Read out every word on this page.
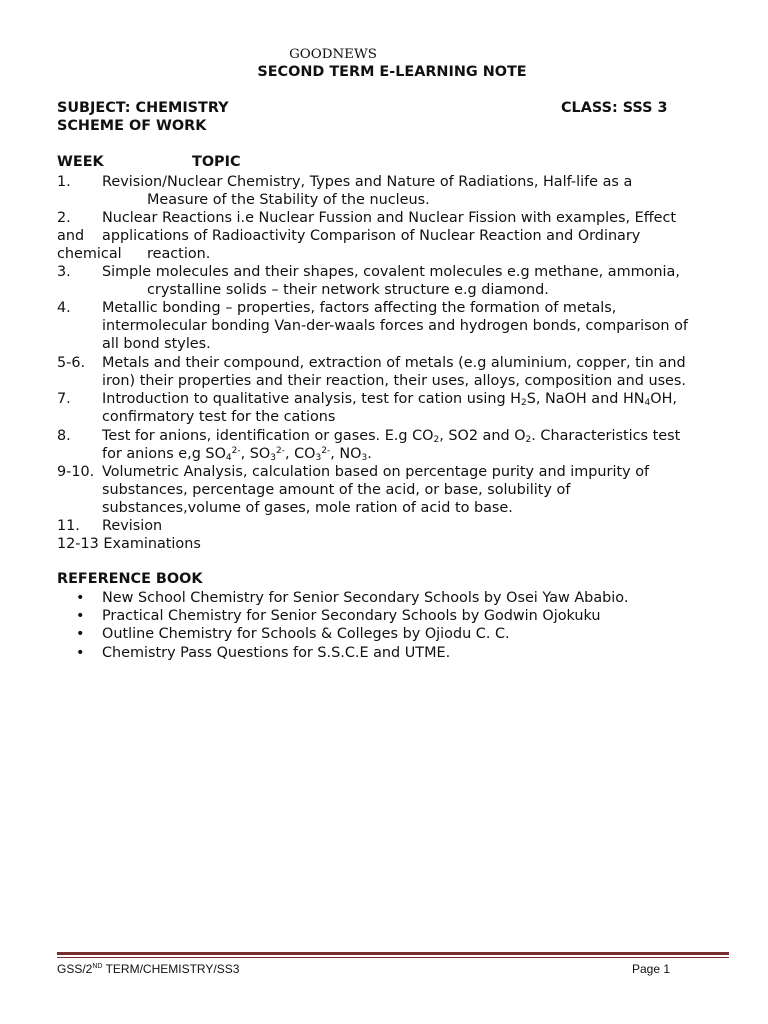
GOODNEWS
SECOND TERM E-LEARNING NOTE
SUBJECT: CHEMISTRY	CLASS: SSS 3
SCHEME OF WORK
WEEK	TOPIC
1. Revision/Nuclear Chemistry, Types and Nature of Radiations, Half-life as a
Measure of the Stability of the nucleus.
2. Nuclear Reactions i.e Nuclear Fussion and Nuclear Fission with examples, Effect
and applications of Radioactivity Comparison of Nuclear Reaction and Ordinary
chemical reaction.
3. Simple molecules and their shapes, covalent molecules e.g methane, ammonia,
crystalline solids – their network structure e.g diamond.
4. Metallic bonding – properties, factors affecting the formation of metals,
intermolecular bonding Van-der-waals forces and hydrogen bonds, comparison of
all bond styles.
5-6. Metals and their compound, extraction of metals (e.g aluminium, copper, tin and
iron) their properties and their reaction, their uses, alloys, composition and uses.
7. Introduction to qualitative analysis, test for cation using $H_2S$, NaOH and $HN_4OH$,
confirmatory test for the cations
8. Test for anions, identification or gases. E.g $CO_2$, SO2 and $O_2$. Characteristics test
for anions e,g $SO_4^{2-}$, $SO_3^{2-}$, $CO_3^{2-}$, $NO_3$.
9-10. Volumetric Analysis, calculation based on percentage purity and impurity of
substances, percentage amount of the acid, or base, solubility of
substances,volume of gases, mole ration of acid to base.
11. Revision
12-13 Examinations
REFERENCE BOOK
• New School Chemistry for Senior Secondary Schools by Osei Yaw Ababio.
• Practical Chemistry for Senior Secondary Schools by Godwin Ojokuku
• Outline Chemistry for Schools & Colleges by Ojiodu C. C.
• Chemistry Pass Questions for S.S.C.E and UTME.
GSS/2ND TERM/CHEMISTRY/SS3	Page 1
